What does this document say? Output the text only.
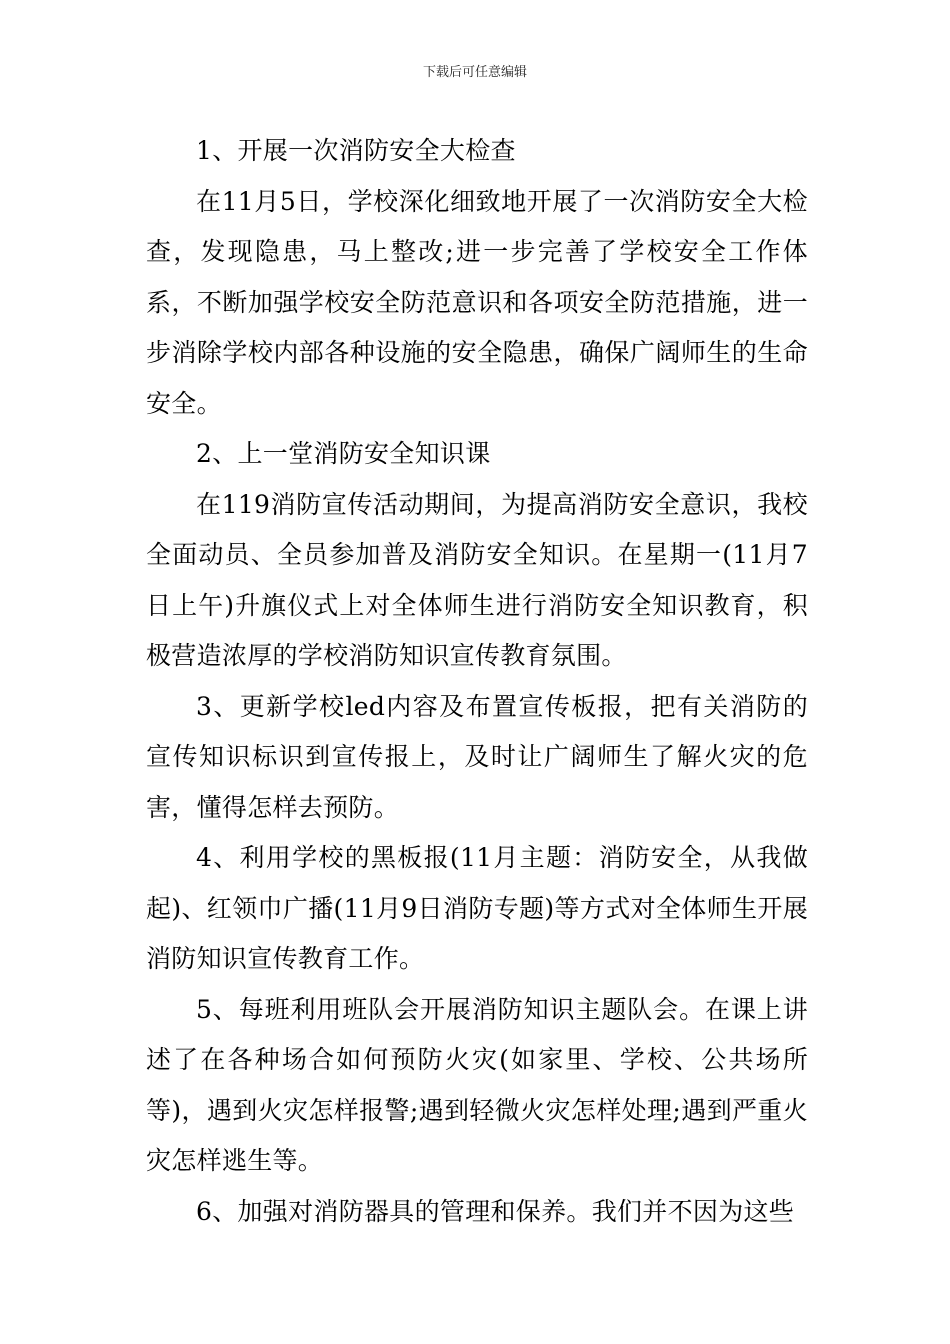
下载后可任意编辑

1、开展一次消防安全大检查

在11月5日，学校深化细致地开展了一次消防安全大检查，发现隐患，马上整改;进一步完善了学校安全工作体系，不断加强学校安全防范意识和各项安全防范措施，进一步消除学校内部各种设施的安全隐患，确保广阔师生的生命安全。

2、上一堂消防安全知识课

在119消防宣传活动期间，为提高消防安全意识，我校全面动员、全员参加普及消防安全知识。在星期一(11月7日上午)升旗仪式上对全体师生进行消防安全知识教育，积极营造浓厚的学校消防知识宣传教育氛围。

3、更新学校led内容及布置宣传板报，把有关消防的宣传知识标识到宣传报上，及时让广阔师生了解火灾的危害，懂得怎样去预防。

4、利用学校的黑板报(11月主题：消防安全，从我做起)、红领巾广播(11月9日消防专题)等方式对全体师生开展消防知识宣传教育工作。

5、每班利用班队会开展消防知识主题队会。在课上讲述了在各种场合如何预防火灾(如家里、学校、公共场所等)，遇到火灾怎样报警;遇到轻微火灾怎样处理;遇到严重火灾怎样逃生等。

6、加强对消防器具的管理和保养。我们并不因为这些
